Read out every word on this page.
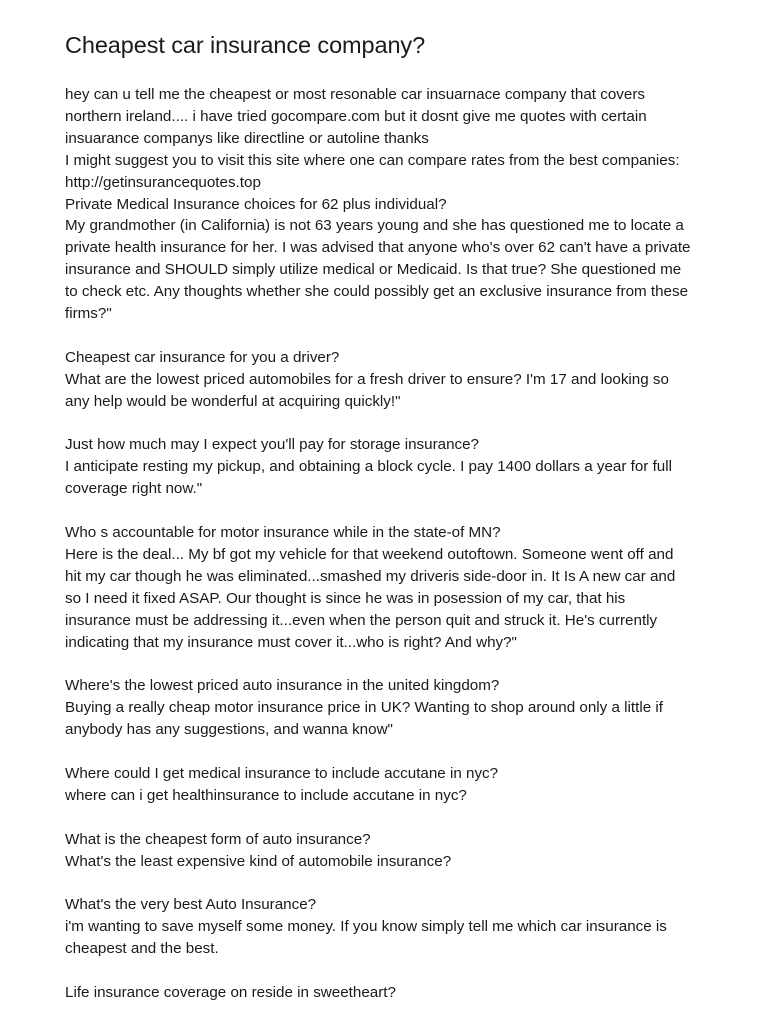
Cheapest car insurance company?
hey can u tell me the cheapest or most resonable car insuarnace company that covers
northern ireland.... i have tried gocompare.com but it dosnt give me quotes with certain
insuarance companys like directline or autoline thanks
I might suggest you to visit this site where one can compare rates from the best companies:
http://getinsurancequotes.top
Private Medical Insurance choices for 62 plus individual?
My grandmother (in California) is not 63 years young and she has questioned me to locate a
private health insurance for her. I was advised that anyone who's over 62 can't have a private
insurance and SHOULD simply utilize medical or Medicaid. Is that true? She questioned me
to check etc. Any thoughts whether she could possibly get an exclusive insurance from these
firms?"
Cheapest car insurance for you a driver?
What are the lowest priced automobiles for a fresh driver to ensure? I'm 17 and looking so
any help would be wonderful at acquiring quickly!"
Just how much may I expect you'll pay for storage insurance?
I anticipate resting my pickup, and obtaining a block cycle. I pay 1400 dollars a year for full
coverage right now."
Who s accountable for motor insurance while in the state-of MN?
Here is the deal... My bf got my vehicle for that weekend outoftown. Someone went off and
hit my car though he was eliminated...smashed my driveris side-door in. It Is A new car and
so I need it fixed ASAP. Our thought is since he was in posession of my car, that his
insurance must be addressing it...even when the person quit and struck it. He's currently
indicating that my insurance must cover it...who is right? And why?"
Where's the lowest priced auto insurance in the united kingdom?
Buying a really cheap motor insurance price in UK? Wanting to shop around only a little if
anybody has any suggestions, and wanna know"
Where could I get medical insurance to include accutane in nyc?
where can i get healthinsurance to include accutane in nyc?
What is the cheapest form of auto insurance?
What's the least expensive kind of automobile insurance?
What's the very best Auto Insurance?
i'm wanting to save myself some money. If you know simply tell me which car insurance is
cheapest and the best.
Life insurance coverage on reside in sweetheart?
